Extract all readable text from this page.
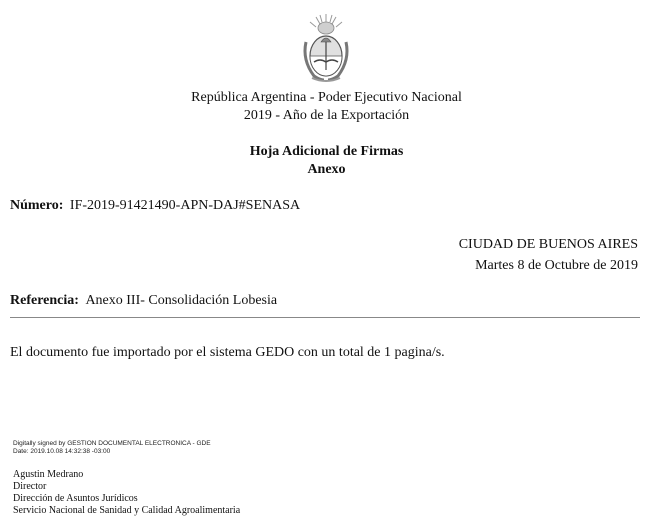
República Argentina - Poder Ejecutivo Nacional
2019 - Año de la Exportación
Hoja Adicional de Firmas
Anexo
Número: IF-2019-91421490-APN-DAJ#SENASA
CIUDAD DE BUENOS AIRES
Martes 8 de Octubre de 2019
Referencia: Anexo III- Consolidación Lobesia
El documento fue importado por el sistema GEDO con un total de 1 pagina/s.
Digitally signed by GESTION DOCUMENTAL ELECTRONICA - GDE
Date: 2019.10.08 14:32:38 -03:00
Agustin Medrano
Director
Dirección de Asuntos Jurídicos
Servicio Nacional de Sanidad y Calidad Agroalimentaria
